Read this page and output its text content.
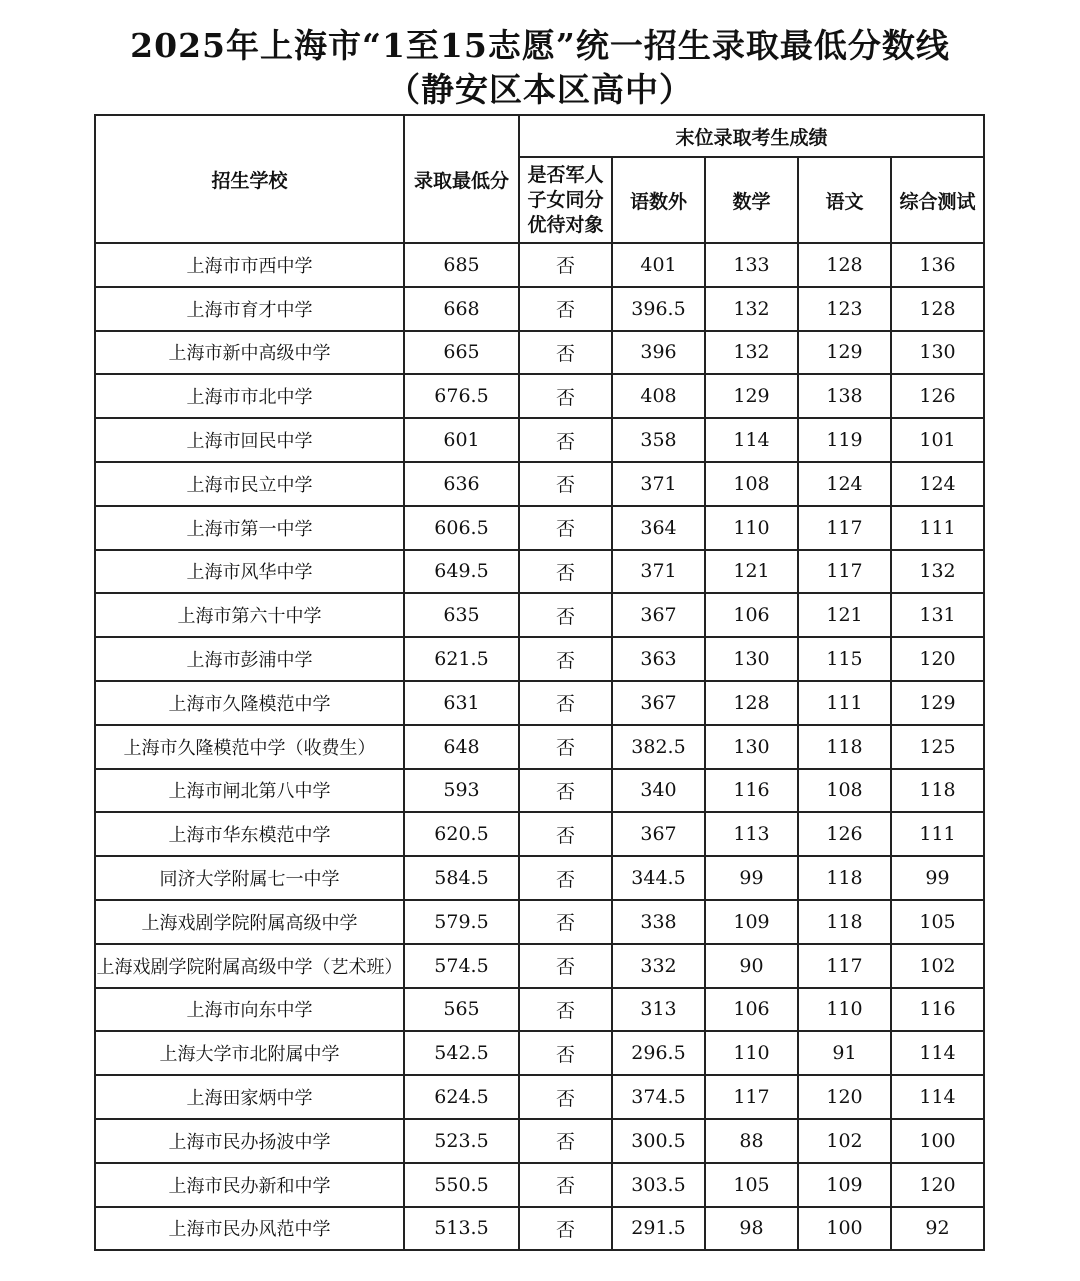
2025年上海市“1至15志愿”统一招生录取最低分数线
（静安区本区高中）
招生学校	录取最低分	末位录取考生成绩				
		是否军人子女同分优待对象	语数外	数学	语文	综合测试
上海市市西中学	685	否	401	133	128	136
上海市育才中学	668	否	396.5	132	123	128
上海市新中高级中学	665	否	396	132	129	130
上海市市北中学	676.5	否	408	129	138	126
上海市回民中学	601	否	358	114	119	101
上海市民立中学	636	否	371	108	124	124
上海市第一中学	606.5	否	364	110	117	111
上海市风华中学	649.5	否	371	121	117	132
上海市第六十中学	635	否	367	106	121	131
上海市彭浦中学	621.5	否	363	130	115	120
上海市久隆模范中学	631	否	367	128	111	129
上海市久隆模范中学（收费生）	648	否	382.5	130	118	125
上海市闸北第八中学	593	否	340	116	108	118
上海市华东模范中学	620.5	否	367	113	126	111
同济大学附属七一中学	584.5	否	344.5	99	118	99
上海戏剧学院附属高级中学	579.5	否	338	109	118	105
上海戏剧学院附属高级中学（艺术班）	574.5	否	332	90	117	102
上海市向东中学	565	否	313	106	110	116
上海大学市北附属中学	542.5	否	296.5	110	91	114
上海田家炳中学	624.5	否	374.5	117	120	114
上海市民办扬波中学	523.5	否	300.5	88	102	100
上海市民办新和中学	550.5	否	303.5	105	109	120
上海市民办风范中学	513.5	否	291.5	98	100	92
